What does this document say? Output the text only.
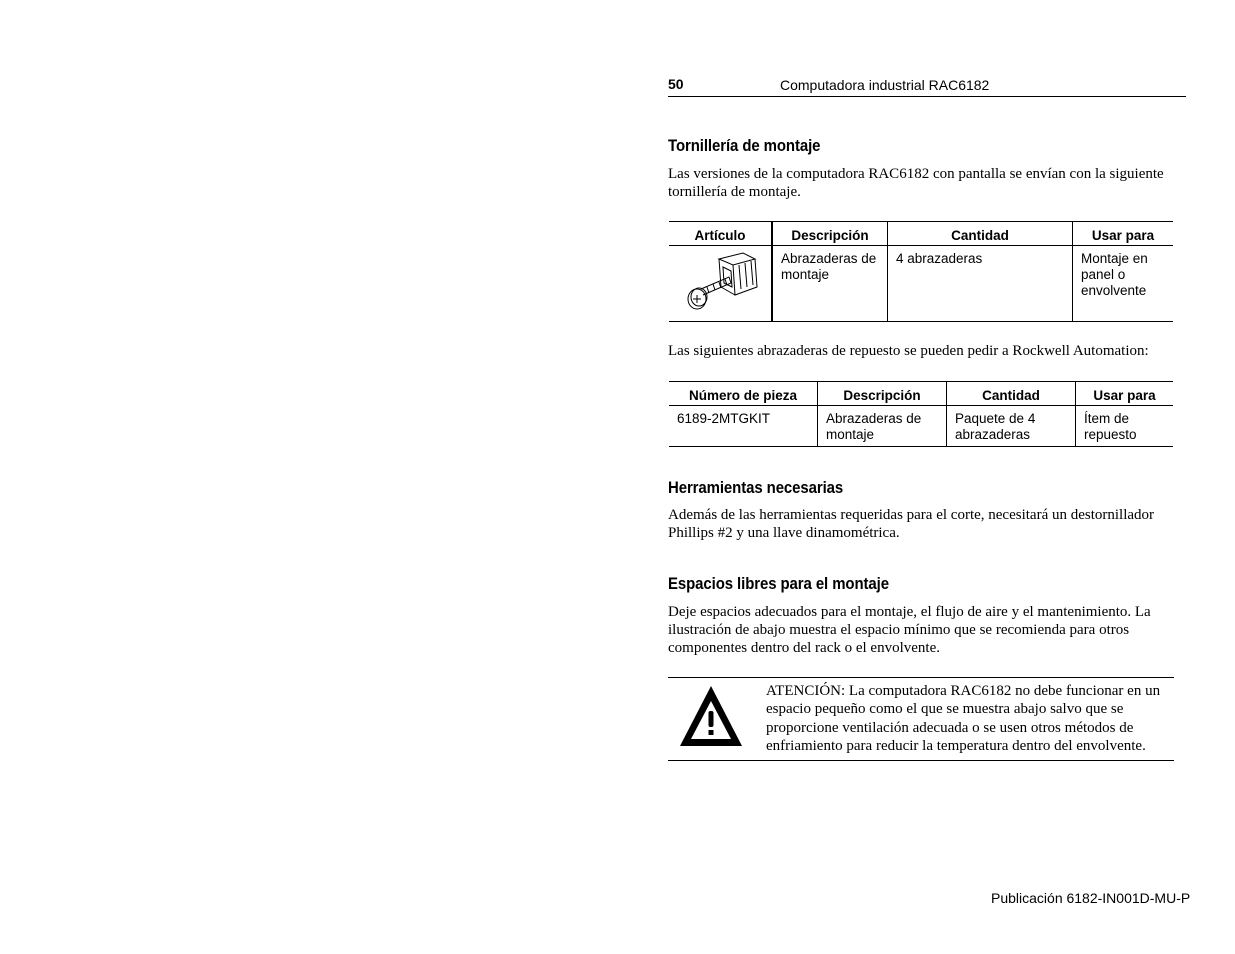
50	Computadora industrial RAC6182
Tornillería de montaje

Las versiones de la computadora RAC6182 con pantalla se envían con la siguiente tornillería de montaje.

Artículo	Descripción	Cantidad	Usar para
	Abrazaderas de montaje	4 abrazaderas	Montaje en panel o envolvente

Las siguientes abrazaderas de repuesto se pueden pedir a Rockwell Automation:

Número de pieza	Descripción	Cantidad	Usar para
6189-2MTGKIT	Abrazaderas de montaje	Paquete de 4 abrazaderas	Ítem de repuesto
Herramientas necesarias

Además de las herramientas requeridas para el corte, necesitará un destornillador Phillips #2 y una llave dinamométrica.

Espacios libres para el montaje

Deje espacios adecuados para el montaje, el flujo de aire y el mantenimiento. La ilustración de abajo muestra el espacio mínimo que se recomienda para otros componentes dentro del rack o el envolvente.

ATENCIÓN: La computadora RAC6182 no debe funcionar en un espacio pequeño como el que se muestra abajo salvo que se proporcione ventilación adecuada o se usen otros métodos de enfriamiento para reducir la temperatura dentro del envolvente.
Publicación 6182-IN001D-MU-P
